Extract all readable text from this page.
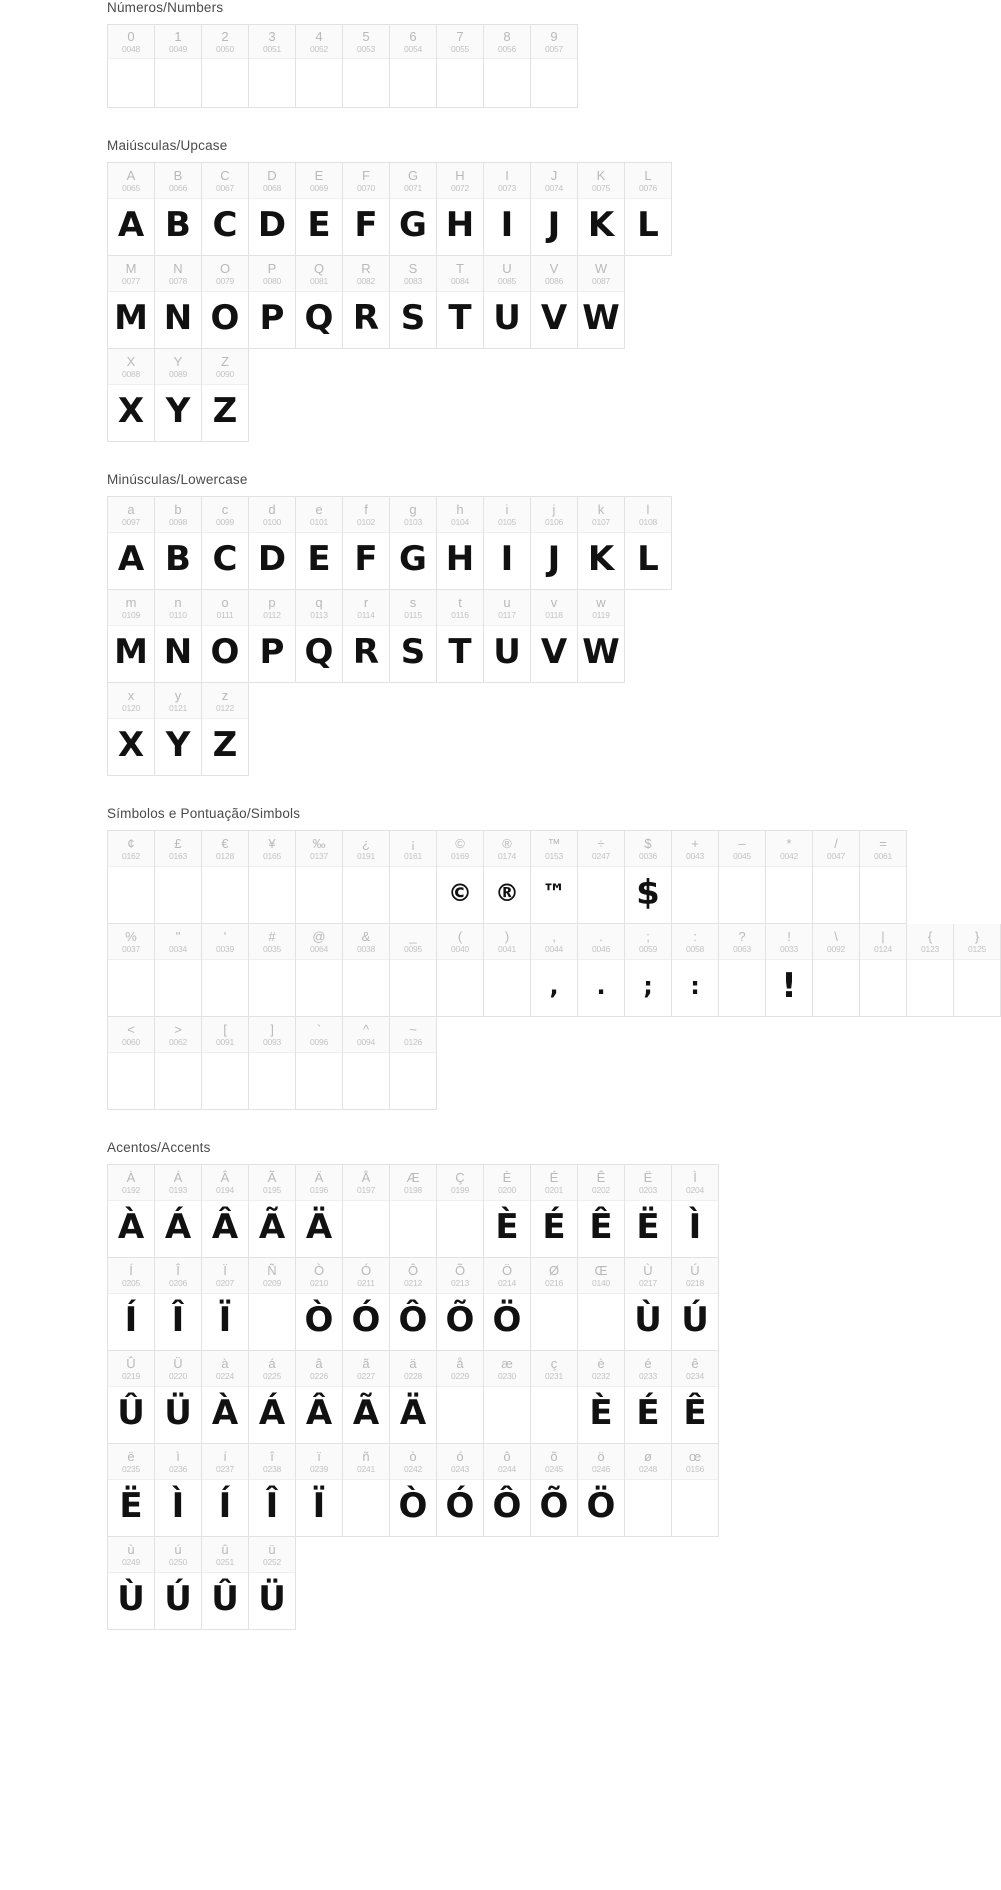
Números/Numbers
0
0048
1
0049
2
0050
3
0051
4
0052
5
0053
6
0054
7
0055
8
0056
9
0057
Maiúsculas/Upcase
A
0065
A
B
0066
B
C
0067
C
D
0068
D
E
0069
E
F
0070
F
G
0071
G
H
0072
H
I
0073
I
J
0074
J
K
0075
K
L
0076
L
M
0077
M
N
0078
N
O
0079
O
P
0080
P
Q
0081
Q
R
0082
R
S
0083
S
T
0084
T
U
0085
U
V
0086
V
W
0087
W
X
0088
X
Y
0089
Y
Z
0090
Z
Minúsculas/Lowercase
a
0097
A
b
0098
B
c
0099
C
d
0100
D
e
0101
E
f
0102
F
g
0103
G
h
0104
H
i
0105
I
j
0106
J
k
0107
K
l
0108
L
m
0109
M
n
0110
N
o
0111
O
p
0112
P
q
0113
Q
r
0114
R
s
0115
S
t
0116
T
u
0117
U
v
0118
V
w
0119
W
x
0120
X
y
0121
Y
z
0122
Z
Símbolos e Pontuação/Simbols
¢
0162
£
0163
€
0128
¥
0165
‰
0137
¿
0191
¡
0161
©
0169
©
®
0174
®
™
0153
™
÷
0247
$
0036
$
+
0043
–
0045
*
0042
/
0047
=
0061
%
0037
"
0034
'
0039
#
0035
@
0064
&
0038
_
0095
(
0040
)
0041
,
0044
,
.
0046
.
;
0059
;
:
0058
:
?
0063
!
0033
!
\
0092
|
0124
{
0123
}
0125
<
0060
>
0062
[
0091
]
0093
`
0096
^
0094
~
0126
Acentos/Accents
À
0192
À
Á
0193
Á
Â
0194
Â
Ã
0195
Ã
Ä
0196
Ä
Å
0197
Æ
0198
Ç
0199
È
0200
È
É
0201
É
Ê
0202
Ê
Ë
0203
Ë
Ì
0204
Ì
Í
0205
Í
Î
0206
Î
Ï
0207
Ï
Ñ
0209
Ò
0210
Ò
Ó
0211
Ó
Ô
0212
Ô
Õ
0213
Õ
Ö
0214
Ö
Ø
0216
Œ
0140
Ù
0217
Ù
Ú
0218
Ú
Û
0219
Û
Ü
0220
Ü
à
0224
À
á
0225
Á
â
0226
Â
ã
0227
Ã
ä
0228
Ä
å
0229
æ
0230
ç
0231
è
0232
È
é
0233
É
ê
0234
Ê
ë
0235
Ë
ì
0236
Ì
í
0237
Í
î
0238
Î
ï
0239
Ï
ñ
0241
ò
0242
Ò
ó
0243
Ó
ô
0244
Ô
õ
0245
Õ
ö
0246
Ö
ø
0248
œ
0156
ù
0249
Ù
ú
0250
Ú
û
0251
Û
ü
0252
Ü
